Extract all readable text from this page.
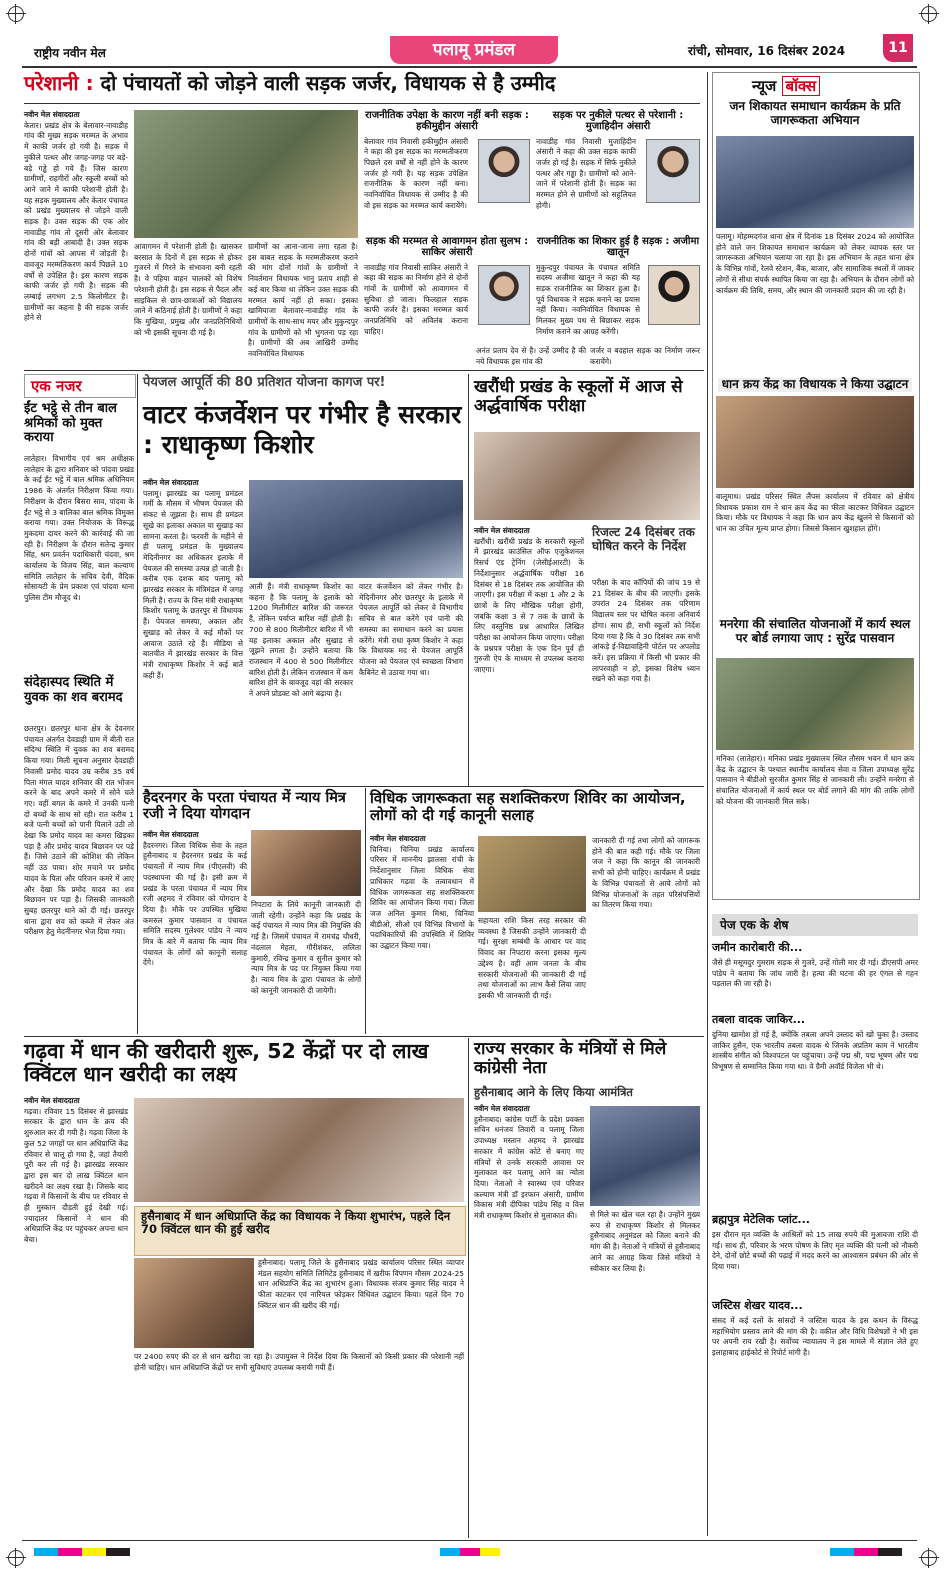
राष्ट्रीय नवीन मेल	पलामू प्रमंडल	रांची, सोमवार, 16 दिसंबर 2024	11
परेशानी : दो पंचायतों को जोड़ने वाली सड़क जर्जर, विधायक से है उम्मीद

नवीन मेल संवाददाता

केतार। प्रखंड क्षेत्र के बेलावार-नावाडीह गांव की मुख्य सड़क मरम्मत के अभाव में काफी जर्जर हो गयी है। सड़क में नुकीले पत्थर और जगह-जगह पर बड़े-बड़े गड्ढे हो गये हैं। जिस कारण ग्रामीणों, राहगीरों और स्कूली बच्चों को आने जाने में काफी परेशानी होती है। यह सड़क मुख्यालय और केतार पंचायत को प्रखंड मुख्यालय से जोड़ने वाली सड़क है। उक्त सड़क की एक ओर नावाडीह गांव तो दूसरी ओर बेलावार गांव की बड़ी आबादी है। उक्त सड़क दोनों गांवों को आपस में जोड़ती है। वावजूद मरम्मतिकरण कार्य पिछले 10 वर्षों से उपेक्षित है। इस कारण सड़क काफी जर्जर हो गयी है। सड़क की लम्बाई लगभग 2.5 किलोमीटर है। ग्रामीणों का कहना है की सड़क जर्जर होने से

आवागमन में परेशानी होती है। खासकर बरसात के दिनों में इस सड़क से होकर गुजरने में गिरने के संभावना बनी रहती है। वे पहिया वाहन चालकों को विशेष परेशानी होती है। इस सड़क से पैदल और साइकिल से छात्र-छात्राओं को विद्यालय जाने में कठिनाई होती है। ग्रामीणों ने कहा कि मुखिया, प्रमुख और जनप्रतिनिधियों को भी इसकी सूचना दी गई है।

ग्रामीणों का आना-जाना लगा रहता है। इस बाबत सड़क के मरम्मतीकरण कराने की मांग दोनों गांवों के ग्रामीणों ने निवर्तमान विधायक भानु प्रताप शाही से कई बार किया था लेकिन उक्त सड़क की मरम्मत कार्य नहीं हो सका। इसका खामियाजा बेलावार-नावाडीह गांव के ग्रामीणों के साथ-साथ मयर और मुकुन्दपुर गांव के ग्रामीणों को भी भुगतना पड़ रहा है। ग्रामीणों की अब आखिरी उम्मीद नवनिर्वाचित विधायक

राजनीतिक उपेक्षा के कारण नहीं बनी सड़क : हकीमुद्दीन अंसारी
बेलावार गांव निवासी हकीमुद्दीन अंसारी ने कहा की इस सड़क का मरम्मतीकरण पिछले दस वर्षों से नहीं होने के कारण जर्जर हो गयी है। यह सड़क उपेक्षित राजनीतिक के कारण नहीं बना। नवनिर्वाचित विधायक से उम्मीद है की वो इस सड़क का मरम्मत कार्य करायेंगे।
सड़क पर नुकीले पत्थर से परेशानी : मुजाहिदीन अंसारी
नावाडीह गांव निवासी मुजाहिदीन अंसारी ने कहा की उक्त सड़क काफी जर्जर हो गई है। सड़क में सिर्फ नुकीले पत्थर और गड्ढा है। ग्रामीणों को आने-जाने में परेशानी होती है। सड़क का मरम्मत होने से ग्रामीणों को सहूलियत होगी।
सड़क की मरम्मत से आवागमन होता सुलभ : साकिर अंसारी
नावाडीह गांव निवासी साकिर अंसारी ने कहा की सड़क का निर्माण होने से दोनों गांवों के ग्रामीणों को आवागमन में सुविधा हो जाता। फिलहाल सड़क काफी जर्जर है। इसका मरम्मत कार्य जनप्रतिनिधि को अविलंब कराना चाहिए।
राजनीतिक का शिकार हुई है सड़क : अजीमा खातून
मुकुन्दपुर पंचायत के पंचायत समिति सदस्य अजीमा खातून ने कहा की यह सड़क राजनीतिक का शिकार हुआ है। पूर्व विधायक ने सड़क बनाने का प्रयास नहीं किया। नवनिर्वाचित विधायक से मिलकर मुख्य पथ से बिछाकर सड़क निर्माण कराने का आग्रह करेंगी।
अनंत प्रताप देव से है। उन्हें उम्मीद है की नये विधायक इस गांव की
जर्जर व बदहाल सड़क का निर्माण जरूर करायेंगे।
एक नजर
ईंट भट्ठे से तीन बाल श्रमिकों को मुक्त कराया
लातेहार। विभागीय एवं श्रम अधीक्षक लातेहार के द्वारा शनिवार को पांदवा प्रखंड के कई ईंट भट्ठे में बाल श्रमिक अधिनियम 1986 के अंतर्गत निरीक्षण किया गया। निरीक्षण के दौरान बिसरा साव, पांदवा के ईंट भट्ठे से 3 बालिका बाल श्रमिक विमुक्त कराया गया। उक्त नियोजक के विरूद्ध मुकदमा दायर करने की कार्रवाई की जा रही है। निरीक्षण के दौरान सतेन्द्र कुमार सिंह, श्रम प्रवर्तन पदाधिकारी चंदवा, श्रम कार्यालय के विजय सिंह, बाल कल्याण समिति लातेहार के सचिव देवी, वैदिक सोसायटी के प्रेम प्रकाश एवं पांदवा थाना पुलिस टीम मौजूद थे।
संदेहास्पद स्थिति में युवक का शव बरामद
छतरपुर। छतरपुर थाना क्षेत्र के देवनगर पंचायत अंतर्गत देवडाही ग्राम में बीती रात संदिग्ध स्थिति में युवक का शव बरामद किया गया। मिली सूचना अनुसार देवडाही निवासी प्रमोद यादव उम्र करीब 35 वर्ष पिता मंगल यादव शनिवार की रात भोजन करने के बाद अपने कमरे में सोने चले गए। वहीं बगल के कमरे में उनकी पत्नी दो बच्चों के साथ सो रही। रात करीब 1 बजे पत्नी बच्चों को पानी पिलाने उठी तो देखा कि प्रमोद यादव का कमरा खिड़का पड़ा है और प्रमोद यादव बिछावन पर पड़े हैं। जिसे उठाने की कोशिश की लेकिन नहीं उठ पाया। शोर मचाने पर प्रमोद यादव के पिता और परिजन कमरे में आए और देखा कि प्रमोद यादव का शव बिछावन पर पड़ा है। जिसकी जानकारी सुबह छतरपुर थाने को दी गई। छतरपुर थाना द्वारा शव को कब्जे में लेकर अंत परीक्षण हेतु मेदनीनगर भेज दिया गया।
पेयजल आपूर्ति की 80 प्रतिशत योजना कागज पर!
वाटर कंजर्वेशन पर गंभीर है सरकार : राधाकृष्ण किशोर

नवीन मेल संवाददाता

पलामू। झारखंड का पलामू प्रमंडल गर्मी के मौसम में भीषण पेयजल की संकट से जूझता है। साथ ही प्रमंडल सूखे का इलाका अकाल या सुखाड़ का सामना करता है। फरवरी के महीने से ही पलामू प्रमंडल के मुख्यालय मेदिनीनगर का अधिकतर इलाके में पेयजल की समस्या उत्पन्न हो जाती है। करीब एक दशक बाद पलामू को झारखंड सरकार के मंत्रिमंडल में जगह मिली है। राज्य के वित्त मंत्री राधाकृष्ण किशोर पलामू के छतरपुर से विधायक हैं। पेयजल समस्या, अकाल और सुखाड़ को लेकर वे कई मौकों पर आवाज उठाते रहे हैं। मीडिया से बातचीत में झारखंड सरकार के वित्त मंत्री राधाकृष्ण किशोर ने कई बातें कही हैं।

आती हैं। मंत्री राधाकृष्ण किशोर का कहना है कि पलामू के इलाके को 1200 मिलीमीटर बारिश की जरूरत है, लेकिन पर्याप्त बारिश नहीं होती है। 700 से 800 मिलीमीटर बारिश में भी यह इलाका अकाल और सुखाड़ से जूझने लगता है। उन्होंने बताया कि राजस्थान में 400 से 500 मिलीमीटर बारिश होती है। लेकिन राजस्थान में कम बारिश होने के बावजूद वहां की सरकार ने अपने प्रोडक्ट को आगे बढ़ाया है।

वाटर कंजर्वेशन को लेकर गंभीर है। मेदिनीनगर और छतरपुर के इलाके में पेयजल आपूर्ति को लेकर वे विभागीय सचिव से बात करेंगे एवं पानी की समस्या का समाधान करने का प्रयास करेंगे। मंत्री राधा कृष्ण किशोर ने कहा कि विधायक मद से पेयजल आपूर्ति योजना को पेयजल एवं स्वच्छता विभाग कैबिनेट से उठाया गया था।

खरौंधी प्रखंड के स्कूलों में आज से अर्द्धवार्षिक परीक्षा

नवीन मेल संवाददाता

खरौंधी। खरौंधी प्रखंड के सरकारी स्कूलों में झारखंड काउंसिल ऑफ एजुकेशनल रिसर्च एंड ट्रेनिंग (जेसीईआरटी) के निर्देशानुसार अर्द्धवार्षिक परीक्षा 16 दिसंबर से 18 दिसंबर तक आयोजित की जाएगी। इस परीक्षा में कक्षा 1 और 2 के छात्रों के लिए मौखिक परीक्षा होगी, जबकि कक्षा 3 से 7 तक के छात्रों के लिए वस्तुनिष्ठ प्रश्न आधारित लिखित परीक्षा का आयोजन किया जाएगा। परीक्षा के प्रश्नपत्र परीक्षा के एक दिन पूर्व ही गुरुजी ऐप के माध्यम से उपलब्ध कराया जाएगा।

रिजल्ट 24 दिसंबर तक घोषित करने के निर्देश

परीक्षा के बाद कॉपियों की जांच 19 से 21 दिसंबर के बीच की जाएगी। इसके उपरांत 24 दिसंबर तक परिणाम विद्यालय स्तर पर घोषित करना अनिवार्य होगा। साथ ही, सभी स्कूलों को निर्देश दिया गया है कि वे 30 दिसंबर तक सभी आंकड़े ई-विद्यावाहिनी पोर्टल पर अपलोड करें। इस प्रक्रिया में किसी भी प्रकार की लापरवाही न हो, इसका विशेष ध्यान रखने को कहा गया है।

हैदरनगर के परता पंचायत में न्याय मित्र रजी ने दिया योगदान

नवीन मेल संवाददाता

हैदरनगर। जिला विधिक सेवा के तहत हुसैनाबाद व हैदरनगर प्रखंड के कई पंचायतों में न्याय मित्र (पीएलवी) की पदस्थापना की गई है। इसी क्रम में प्रखंड के परता पंचायत में न्याय मित्र रजी अहमद ने रविवार को योगदान दे दिया है। मौके पर उपस्थित मुखिया कमरुल कुमार पासवान व पंचायत समिति सदस्य गुलेश्वर पांडेय ने न्याय मित्र के बारे में बताया कि न्याय मित्र पंचायत के लोगों को कानूनी सलाह देंगे।

निपटारा के लिये कानूनी जानकारी दी जाती रहेगी। उन्होंने कहा कि प्रखंड के कई पंचायत में न्याय मित्र की नियुक्ति की गई है। जिसमें पंचायत में रामचंद्र चौधरी, नंदलाल मेहता, गौरीशंकर, ललिता कुमारी, रविन्द्र कुमार व सुनील कुमार को न्याय मित्र के पद पर नियुक्त किया गया है। न्याय मित्र के द्वारा पंचायत के लोगों को कानूनी जानकारी दी जायेगी।

विधिक जागरूकता सह सशक्तिकरण शिविर का आयोजन, लोगों को दी गई कानूनी सलाह

नवीन मेल संवाददाता

चिनिया। चिनिया प्रखंड कार्यालय परिसर में माननीय झालसा रांची के निर्देशानुसार जिला विधिक सेवा प्राधिकार गढ़वा के तत्वावधान में विधिक जागरूकता सह सशक्तिकरण शिविर का आयोजन किया गया। जिला जज अनिल कुमार मिश्रा, चिनिया बीडीओ, सीओ एवं विभिन्न विभागों के पदाधिकारियों की उपस्थिति में शिविर का उद्घाटन किया गया।

सहायता राशि किस तरह सरकार की व्यवस्था है जिसकी उन्होंने जानकारी दी गई। सुरक्षा सम्बंधी के आधार पर वाद विवाद का निपटारा करना इसका मूल्य उद्देश्य है। वहीं आम जनता के बीच सरकारी योजनाओं की जानकारी दी गई तथा योजनाओं का लाभ कैसे लिया जाए इसकी भी जानकारी दी गई।

जानकारी दी गई तथा लोगों को जागरूक होने की बात कही गई। मौके पर जिला जज ने कहा कि कानून की जानकारी सभी को होनी चाहिए। कार्यक्रम में प्रखंड के विभिन्न पंचायतों से आये लोगों को विभिन्न योजनाओं के तहत परिसंपत्तियों का वितरण किया गया।

गढ़वा में धान की खरीदारी शुरू, 52 केंद्रों पर दो लाख क्विंटल धान खरीदी का लक्ष्य

नवीन मेल संवाददाता

गढ़वा। रविवार 15 दिसंबर से झारखंड सरकार के द्वारा धान के क्रय की शुरुआत कर दी गयी है। गढ़वा जिला के कुल 52 जगहों पर धान अधिप्राप्ति केंद्र रविवार से चालू हो गया है, जहां तैयारी पूरी कर ली गई है। झारखंड सरकार द्वारा इस बार दो लाख क्विंटल धान खरीदने का लक्ष्य रखा है। जिसके बाद गढ़वा में किसानों के बीच पर रविवार से ही मुस्कान दौड़ती हुई देखी गई। ज्यादातर किसानों ने धान की अधिप्राप्ति केंद्र पर पहुंचकर अपना धान बेचा।

हुसैनाबाद में धान अधिप्राप्ति केंद्र का विधायक ने किया शुभारंभ, पहले दिन 70 क्विंटल धान की हुई खरीद
हुसैनाबाद। पलामू जिले के हुसैनाबाद प्रखंड कार्यालय परिसर स्थित व्यापार मंडल सहयोग समिति लिमिटेड हुसैनाबाद में खरीफ विपणन मौसम 2024-25 धान अधिप्राप्ति केंद्र का शुभारंभ हुआ। विधायक संजय कुमार सिंह यादव ने फीता काटकर एवं नारियल फोड़कर विधिवत उद्घाटन किया। पहले दिन 70 क्विंटल धान की खरीद की गई।
पर 2400 रुपए की दर से धान खरीदा जा रहा है। उपायुक्त ने निर्देश दिया कि किसानों को किसी प्रकार की परेशानी नहीं होनी चाहिए। धान अधिप्राप्ति केंद्रों पर सभी सुविधाएं उपलब्ध करायी गयी हैं।
राज्य सरकार के मंत्रियों से मिले कांग्रेसी नेता
हुसैनाबाद आने के लिए किया आमंत्रित

नवीन मेल संवाददाता

हुसैनाबाद। कांग्रेस पार्टी के प्रदेश प्रवक्ता सचिन धनंजय तिवारी व पलामू जिला उपाध्यक्ष मस्तान अहमद ने झारखंड सरकार में कांग्रेस कोटे से बनाए गए मंत्रियों से उनके सरकारी आवास पर मुलाकात कर पलामू आने का न्योता दिया। नेताओं ने स्वास्थ्य एवं परिवार कल्याण मंत्री डॉ इरफान अंसारी, ग्रामीण विकास मंत्री दीपिका पांडेय सिंह व वित्त मंत्री राधाकृष्ण किशोर से मुलाकात की।	से मिले का खेल चल रहा है। उन्होंने मुख्य रूप से राधाकृष्ण किशोर से मिलकर हुसैनाबाद अनुमंडल को जिला बनाने की मांग की है। नेताओं ने मंत्रियों से हुसैनाबाद आने का आग्रह किया जिसे मंत्रियों ने स्वीकार कर लिया है।

न्यूज बॉक्स
जन शिकायत समाधान कार्यक्रम के प्रति जागरूकता अभियान
पलामू। मोहम्मदगंज थाना क्षेत्र में दिनांक 18 दिसंबर 2024 को आयोजित होने वाले जन शिकायत समाधान कार्यक्रम को लेकर व्यापक स्तर पर जागरूकता अभियान चलाया जा रहा है। इस अभियान के तहत थाना क्षेत्र के विभिन्न गांवों, रेलवे स्टेशन, बैंक, बाजार, और सामाजिक स्थलों में जाकर लोगों से सीधा संपर्क स्थापित किया जा रहा है। अभियान के दौरान लोगों को कार्यक्रम की तिथि, समय, और स्थान की जानकारी प्रदान की जा रही है।
धान क्रय केंद्र का विधायक ने किया उद्घाटन
बालूमाथ। प्रखंड परिसर स्थित लैंपस कार्यालय में रविवार को क्षेत्रीय विधायक प्रकाश राम ने धान क्रय केंद्र का फीता काटकर विधिवत उद्घाटन किया। मौके पर विधायक ने कहा कि धान क्रय केंद्र खुलने से किसानों को धान का उचित मूल्य प्राप्त होगा। जिससे किसान खुशहाल होंगे।
मनरेगा की संचालित योजनाओं में कार्य स्थल पर बोर्ड लगाया जाए : सुरेंद्र पासवान
मनिका (लातेहार)। मनिका प्रखंड मुख्यालय स्थित तौसम भवन में धान क्रय केंद्र के उद्घाटन के पश्चात स्थानीय कार्यालय सेवा व जिला उपाध्यक्ष सुरेंद्र पासवान ने बीडीओ सुरजीत कुमार सिंह से जानकारी ली। उन्होंने मनरेगा से संचालित योजनाओं में कार्य स्थल पर बोर्ड लगाने की मांग की ताकि लोगों को योजना की जानकारी मिल सके।
पेज एक के शेष
जमीन कारोबारी की...
जैसे ही मसूमदुर गुमराम सड़क से गुजरे, उन्हें गोली मार दी गई। डीएसपी अमर पांडेय ने बताया कि जांच जारी है। हत्या की घटना की हर एंगल से गहन पड़ताल की जा रही है।
तबला वादक जाकिर...
दुनिया खामोश हो गई है, क्योंकि तबला अपने उस्ताद को खो चुका है। उस्ताद जाकिर हुसैन, एक भारतीय तबला वादक थे जिनके अप्रतिम काम ने भारतीय शास्त्रीय संगीत को विश्वपटल पर पहुंचाया। उन्हें पद्म श्री, पद्म भूषण और पद्म विभूषण से सम्मानित किया गया था। वे ग्रैमी अवॉर्ड विजेता भी थे।
ब्रह्मपुत्र मेटेलिक प्लांट...
इस दौरान मृत व्यक्ति के आश्रितों को 15 लाख रुपये की मुआवजा राशि दी गई। साथ ही, परिवार के भरण पोषण के लिए मृत व्यक्ति की पत्नी को नौकरी देने, दोनों छोटे बच्चों की पढ़ाई में मदद करने का आश्वासन प्रबंधन की ओर से दिया गया।
जस्टिस शेखर यादव...
संसद में कई दलों के सांसदों ने जस्टिस यादव के इस कथन के विरुद्ध महाभियोग प्रस्ताव लाने की मांग की है। वकील और विधि विशेषज्ञों ने भी इस पर अपनी राय रखी है। सर्वोच्च न्यायालय ने इस मामले में संज्ञान लेते हुए इलाहाबाद हाईकोर्ट से रिपोर्ट मांगी है।
